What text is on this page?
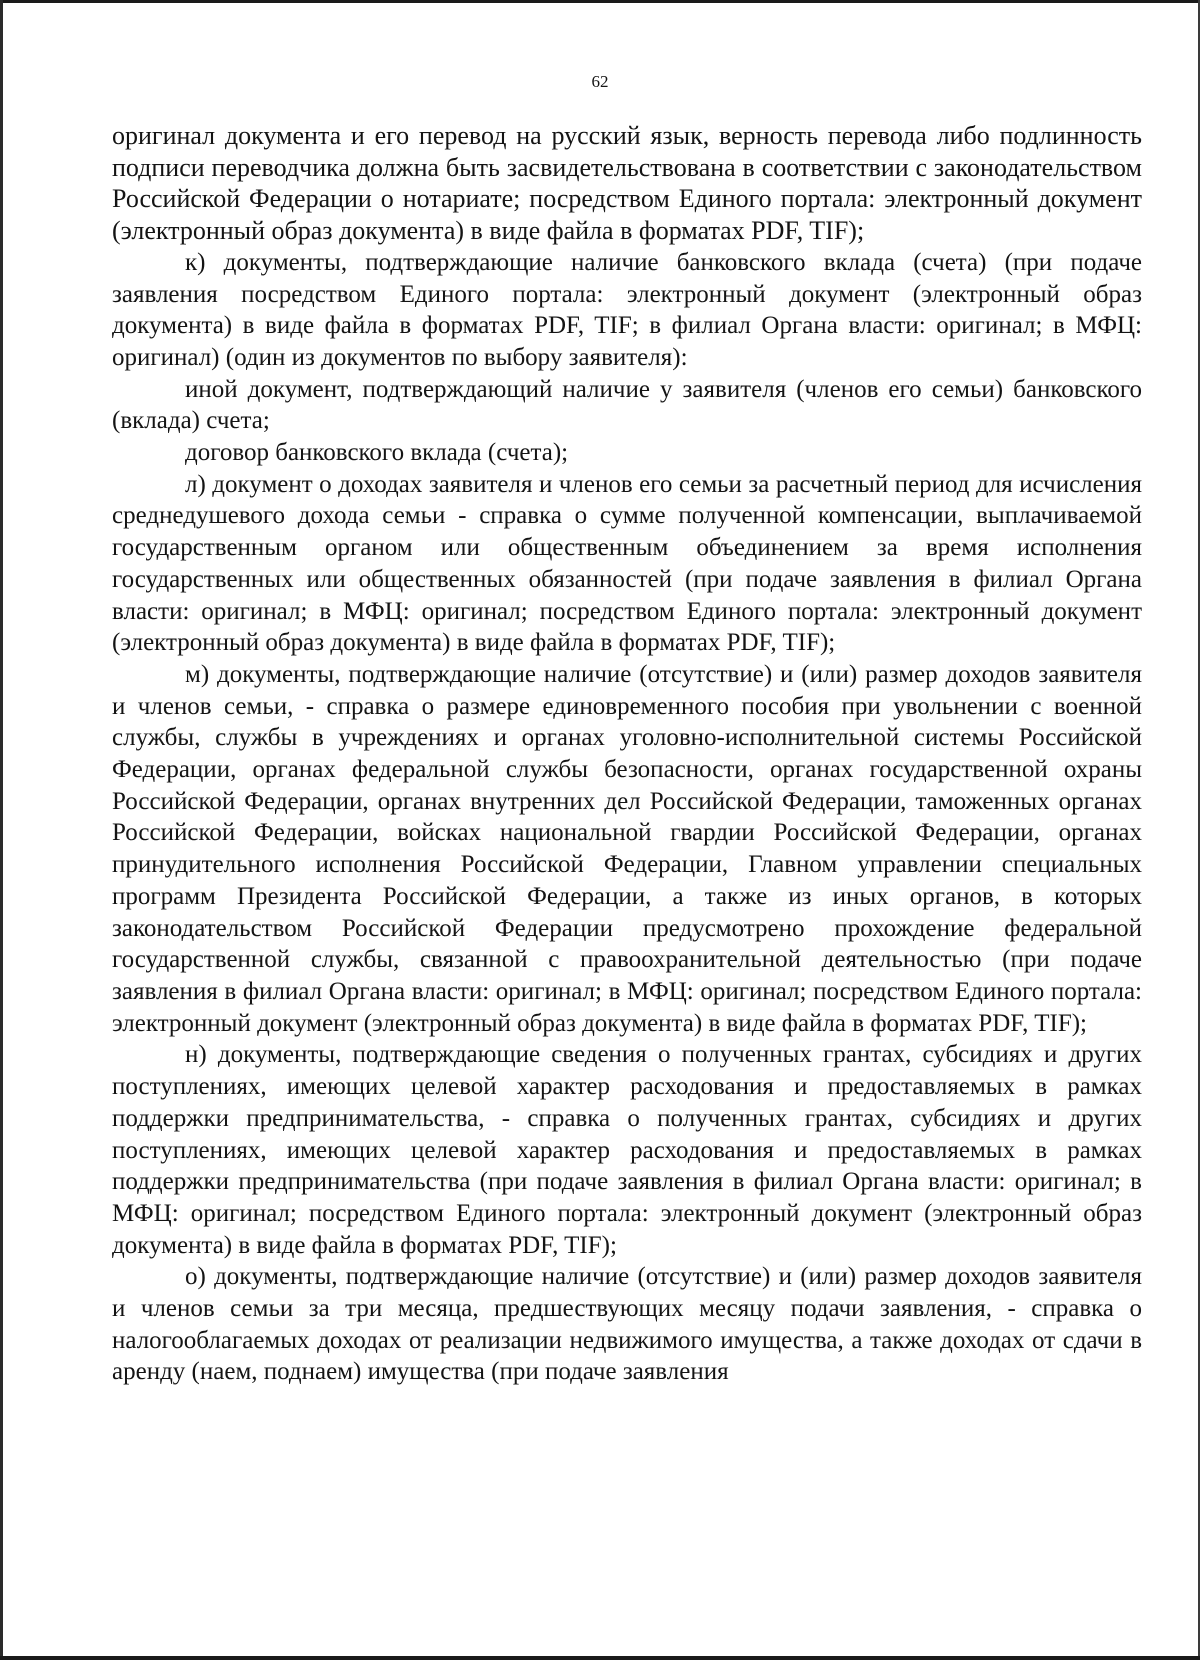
62

оригинал документа и его перевод на русский язык, верность перевода либо подлинность подписи переводчика должна быть засвидетельствована в соответствии с законодательством Российской Федерации о нотариате; посредством Единого портала: электронный документ (электронный образ документа) в виде файла в форматах PDF, TIF);

к) документы, подтверждающие наличие банковского вклада (счета) (при подаче заявления посредством Единого портала: электронный документ (электронный образ документа) в виде файла в форматах PDF, TIF; в филиал Органа власти: оригинал; в МФЦ: оригинал) (один из документов по выбору заявителя):

иной документ, подтверждающий наличие у заявителя (членов его семьи) банковского (вклада) счета;

договор банковского вклада (счета);

л) документ о доходах заявителя и членов его семьи за расчетный период для исчисления среднедушевого дохода семьи - справка о сумме полученной компенсации, выплачиваемой государственным органом или общественным объединением за время исполнения государственных или общественных обязанностей (при подаче заявления в филиал Органа власти: оригинал; в МФЦ: оригинал; посредством Единого портала: электронный документ (электронный образ документа) в виде файла в форматах PDF, TIF);

м) документы, подтверждающие наличие (отсутствие) и (или) размер доходов заявителя и членов семьи, - справка о размере единовременного пособия при увольнении с военной службы, службы в учреждениях и органах уголовно-исполнительной системы Российской Федерации, органах федеральной службы безопасности, органах государственной охраны Российской Федерации, органах внутренних дел Российской Федерации, таможенных органах Российской Федерации, войсках национальной гвардии Российской Федерации, органах принудительного исполнения Российской Федерации, Главном управлении специальных программ Президента Российской Федерации, а также из иных органов, в которых законодательством Российской Федерации предусмотрено прохождение федеральной государственной службы, связанной с правоохранительной деятельностью (при подаче заявления в филиал Органа власти: оригинал; в МФЦ: оригинал; посредством Единого портала: электронный документ (электронный образ документа) в виде файла в форматах PDF, TIF);

н) документы, подтверждающие сведения о полученных грантах, субсидиях и других поступлениях, имеющих целевой характер расходования и предоставляемых в рамках поддержки предпринимательства, - справка о полученных грантах, субсидиях и других поступлениях, имеющих целевой характер расходования и предоставляемых в рамках поддержки предпринимательства (при подаче заявления в филиал Органа власти: оригинал; в МФЦ: оригинал; посредством Единого портала: электронный документ (электронный образ документа) в виде файла в форматах PDF, TIF);

о) документы, подтверждающие наличие (отсутствие) и (или) размер доходов заявителя и членов семьи за три месяца, предшествующих месяцу подачи заявления, - справка о налогооблагаемых доходах от реализации недвижимого имущества, а также доходах от сдачи в аренду (наем, поднаем) имущества (при подаче заявления
